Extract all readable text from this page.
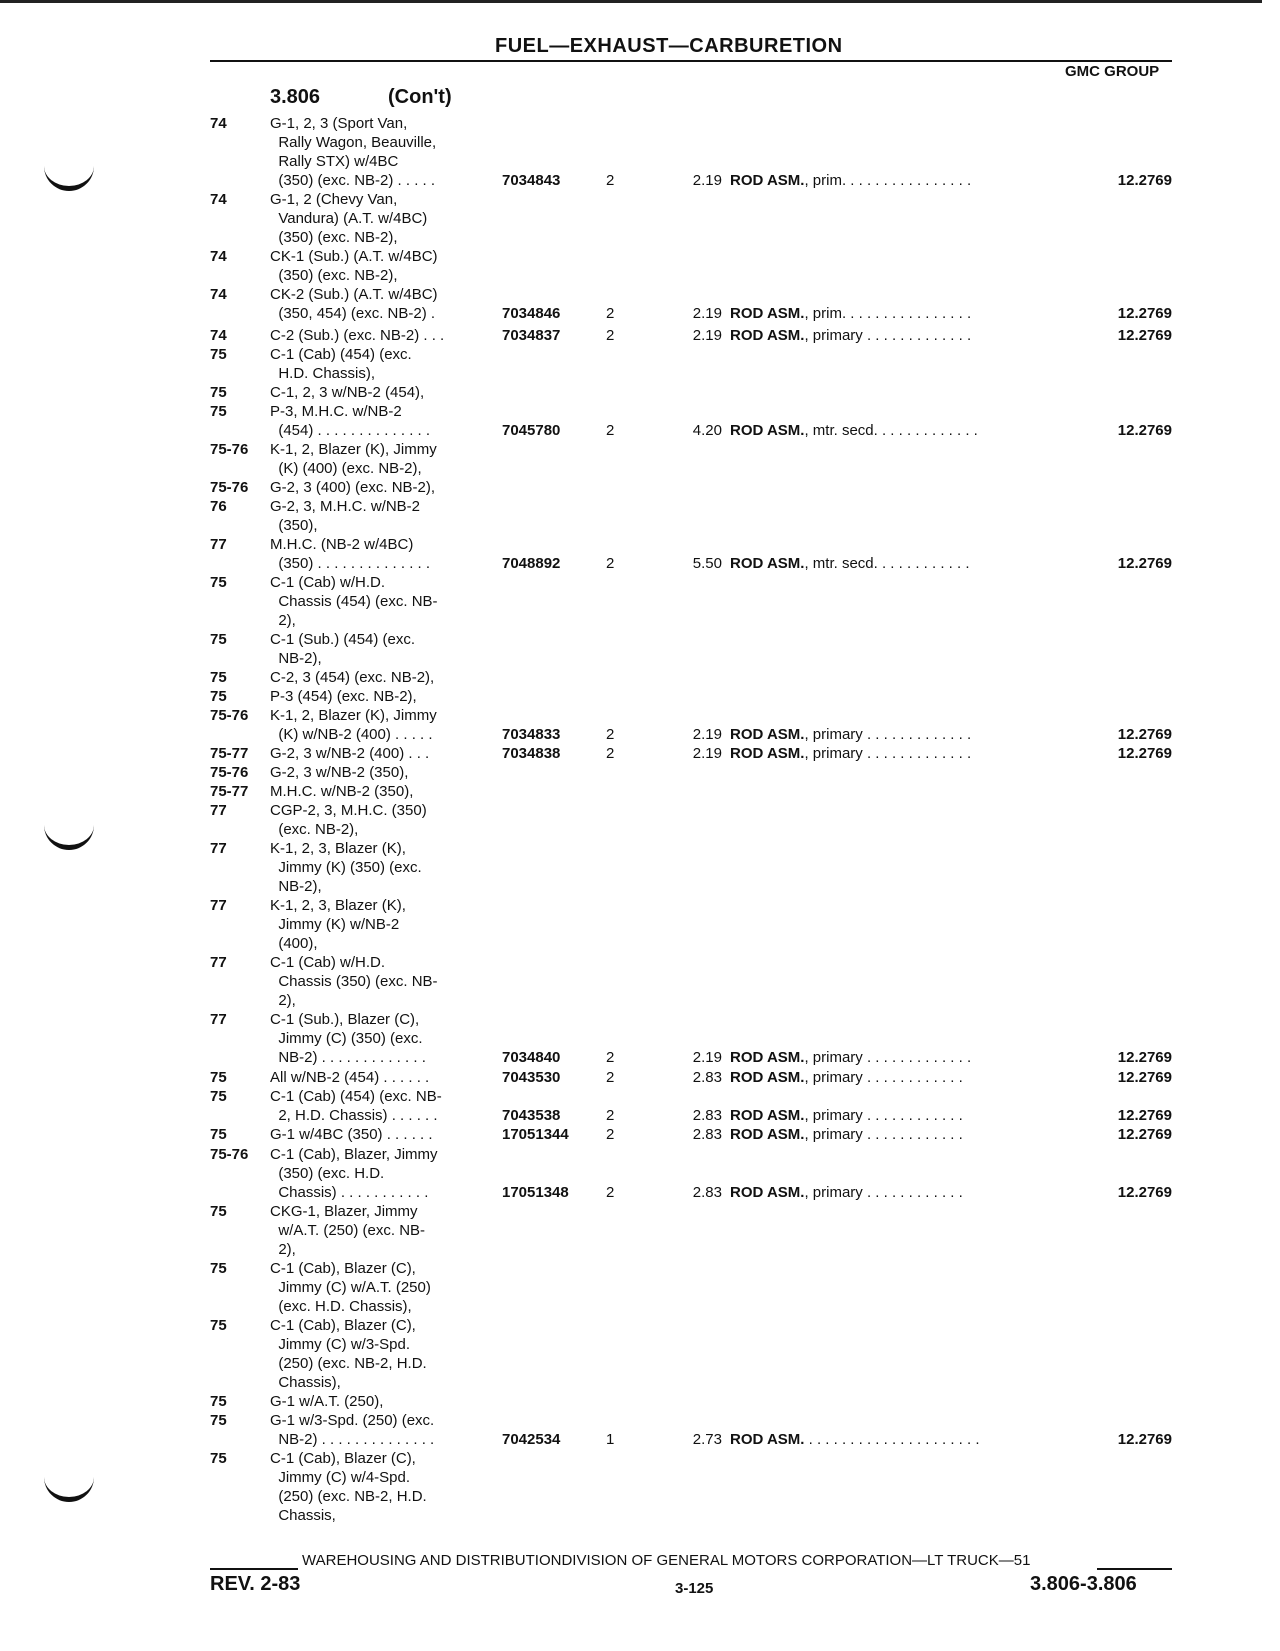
FUEL—EXHAUST—CARBURETION
GMC GROUP
3.806	(Con't)
74	G-1, 2, 3 (Sport Van,
Rally Wagon, Beauville,
Rally STX) w/4BC
(350) (exc. NB-2) . . . . .	7034843	2	2.19 ROD ASM., prim. . . . . . . . . . . . . . . .	12.2769
74	G-1, 2 (Chevy Van,
Vandura) (A.T. w/4BC)
(350) (exc. NB-2),
74	CK-1 (Sub.) (A.T. w/4BC)
(350) (exc. NB-2),
74	CK-2 (Sub.) (A.T. w/4BC)
(350, 454) (exc. NB-2) .	7034846	2	2.19 ROD ASM., prim. . . . . . . . . . . . . . . .	12.2769
74	C-2 (Sub.) (exc. NB-2) . . .	7034837	2	2.19 ROD ASM., primary . . . . . . . . . . . . .	12.2769
75	C-1 (Cab) (454) (exc.
H.D. Chassis),
75	C-1, 2, 3 w/NB-2 (454),
75	P-3, M.H.C. w/NB-2
(454) . . . . . . . . . . . . . .	7045780	2	4.20 ROD ASM., mtr. secd. . . . . . . . . . . . .	12.2769
75-76	K-1, 2, Blazer (K), Jimmy
(K) (400) (exc. NB-2),
75-76	G-2, 3 (400) (exc. NB-2),
76	G-2, 3, M.H.C. w/NB-2
(350),
77	M.H.C. (NB-2 w/4BC)
(350) . . . . . . . . . . . . . .	7048892	2	5.50 ROD ASM., mtr. secd. . . . . . . . . . . .	12.2769
75	C-1 (Cab) w/H.D.
Chassis (454) (exc. NB-
2),
75	C-1 (Sub.) (454) (exc.
NB-2),
75	C-2, 3 (454) (exc. NB-2),
75	P-3 (454) (exc. NB-2),
75-76	K-1, 2, Blazer (K), Jimmy
(K) w/NB-2 (400) . . . . .	7034833	2	2.19 ROD ASM., primary . . . . . . . . . . . . .	12.2769
75-77	G-2, 3 w/NB-2 (400) . . .	7034838	2	2.19 ROD ASM., primary . . . . . . . . . . . . .	12.2769
75-76	G-2, 3 w/NB-2 (350),
75-77	M.H.C. w/NB-2 (350),
77	CGP-2, 3, M.H.C. (350)
(exc. NB-2),
77	K-1, 2, 3, Blazer (K),
Jimmy (K) (350) (exc.
NB-2),
77	K-1, 2, 3, Blazer (K),
Jimmy (K) w/NB-2
(400),
77	C-1 (Cab) w/H.D.
Chassis (350) (exc. NB-
2),
77	C-1 (Sub.), Blazer (C),
Jimmy (C) (350) (exc.
NB-2) . . . . . . . . . . . . .	7034840	2	2.19 ROD ASM., primary . . . . . . . . . . . . .	12.2769
75	All w/NB-2 (454) . . . . . .	7043530	2	2.83 ROD ASM., primary . . . . . . . . . . . .	12.2769
75	C-1 (Cab) (454) (exc. NB-
2, H.D. Chassis) . . . . . .	7043538	2	2.83 ROD ASM., primary . . . . . . . . . . . .	12.2769
75	G-1 w/4BC (350) . . . . . .	17051344	2	2.83 ROD ASM., primary . . . . . . . . . . . .	12.2769
75-76	C-1 (Cab), Blazer, Jimmy
(350) (exc. H.D.
Chassis) . . . . . . . . . . .	17051348	2	2.83 ROD ASM., primary . . . . . . . . . . . .	12.2769
75	CKG-1, Blazer, Jimmy
w/A.T. (250) (exc. NB-
2),
75	C-1 (Cab), Blazer (C),
Jimmy (C) w/A.T. (250)
(exc. H.D. Chassis),
75	C-1 (Cab), Blazer (C),
Jimmy (C) w/3-Spd.
(250) (exc. NB-2, H.D.
Chassis),
75	G-1 w/A.T. (250),
75	G-1 w/3-Spd. (250) (exc.
NB-2) . . . . . . . . . . . . . .	7042534	1	2.73 ROD ASM. . . . . . . . . . . . . . . . . . . . . .	12.2769
75	C-1 (Cab), Blazer (C),
Jimmy (C) w/4-Spd.
(250) (exc. NB-2, H.D.
Chassis,
WAREHOUSING AND DISTRIBUTIONDIVISION OF GENERAL MOTORS CORPORATION—LT TRUCK—51
REV. 2-83	3-125	3.806-3.806
